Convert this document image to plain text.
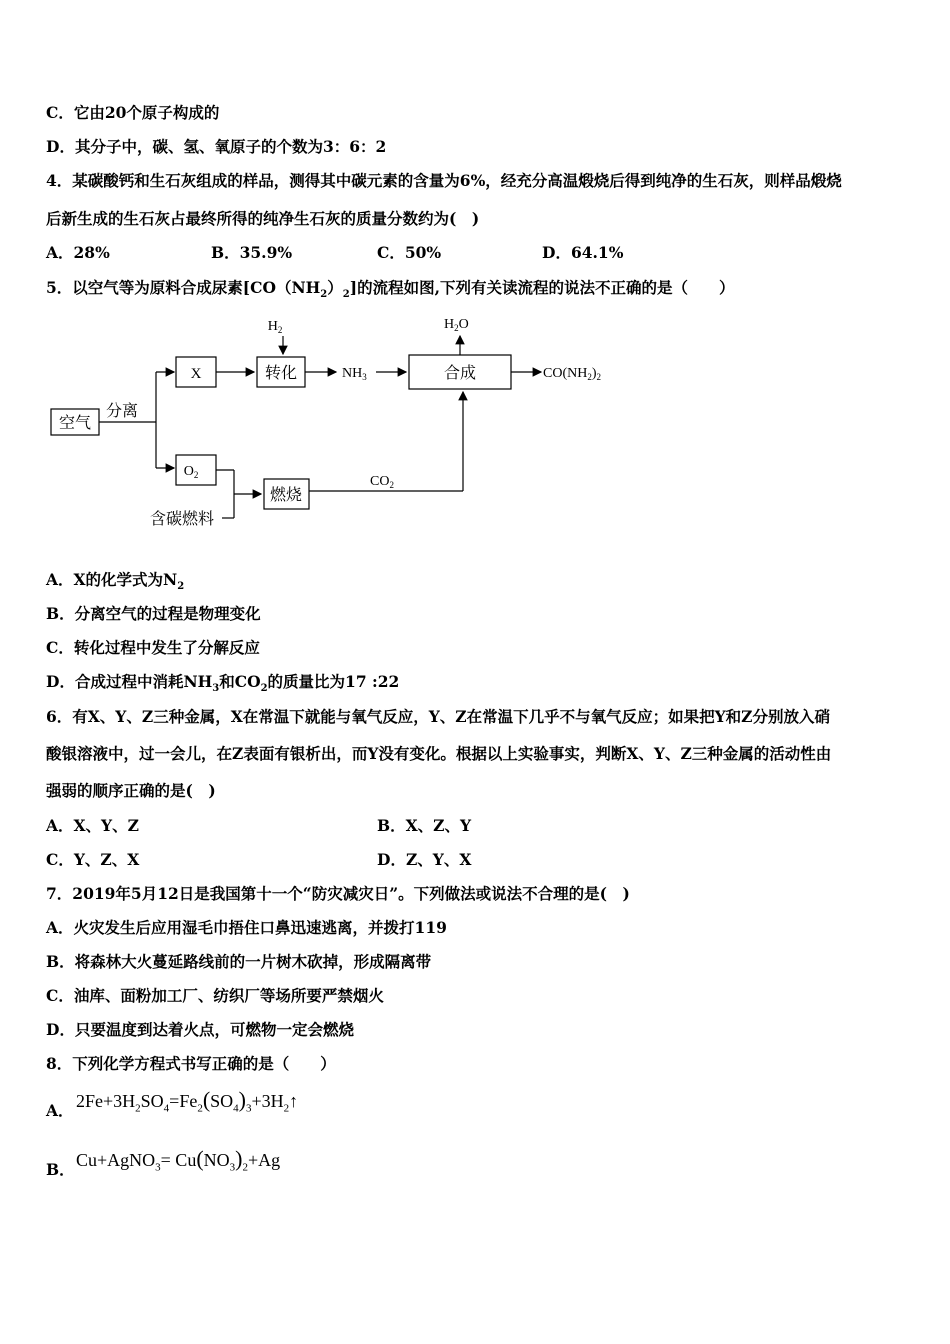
C．它由20个原子构成的
D．其分子中，碳、氢、氧原子的个数为3：6：2
4．某碳酸钙和生石灰组成的样品，测得其中碳元素的含量为6%，经充分高温煅烧后得到纯净的生石灰，则样品煅烧
后新生成的生石灰占最终所得的纯净生石灰的质量分数约为(　)
A．28%	B．35.9%	C．50%	D．64.1%
5．以空气等为原料合成尿素$[CO(NH_2)_2]$的流程如图,下列有关读流程的说法不正确的是（　　）
空气
分离
X
$H_2$
转化	$NH_3$
$H_2O$
合成	$CO(NH_2)_2$
$O_2$
含碳燃料
燃烧
$CO_2$
A．X的化学式为$N_2$
B．分离空气的过程是物理变化
C．转化过程中发生了分解反应
D．合成过程中消耗$NH_3$和$CO_2$的质量比为17 :22
6．有X、Y、Z三种金属，X在常温下就能与氧气反应，Y、Z在常温下几乎不与氧气反应；如果把Y和Z分别放入硝
酸银溶液中，过一会儿，在Z表面有银析出，而Y没有变化。根据以上实验事实，判断X、Y、Z三种金属的活动性由
强弱的顺序正确的是(　)
A．X、Y、Z	B．X、Z、Y
C．Y、Z、X	D．Z、Y、X
7．2019年5月12日是我国第十一个“防灾减灾日”。下列做法或说法不合理的是(　)
A．火灾发生后应用湿毛巾捂住口鼻迅速逃离，并拨打119
B．将森林大火蔓延路线前的一片树木砍掉，形成隔离带
C．油库、面粉加工厂、纺织厂等场所要严禁烟火
D．只要温度到达着火点，可燃物一定会燃烧
8．下列化学方程式书写正确的是（　　）
A． $2Fe+3H_2SO_4=Fe_2(SO_4)_3+3H_2↑$
B． Cu+AgNO$_3$= $Cu(NO_3)_2+Ag$
